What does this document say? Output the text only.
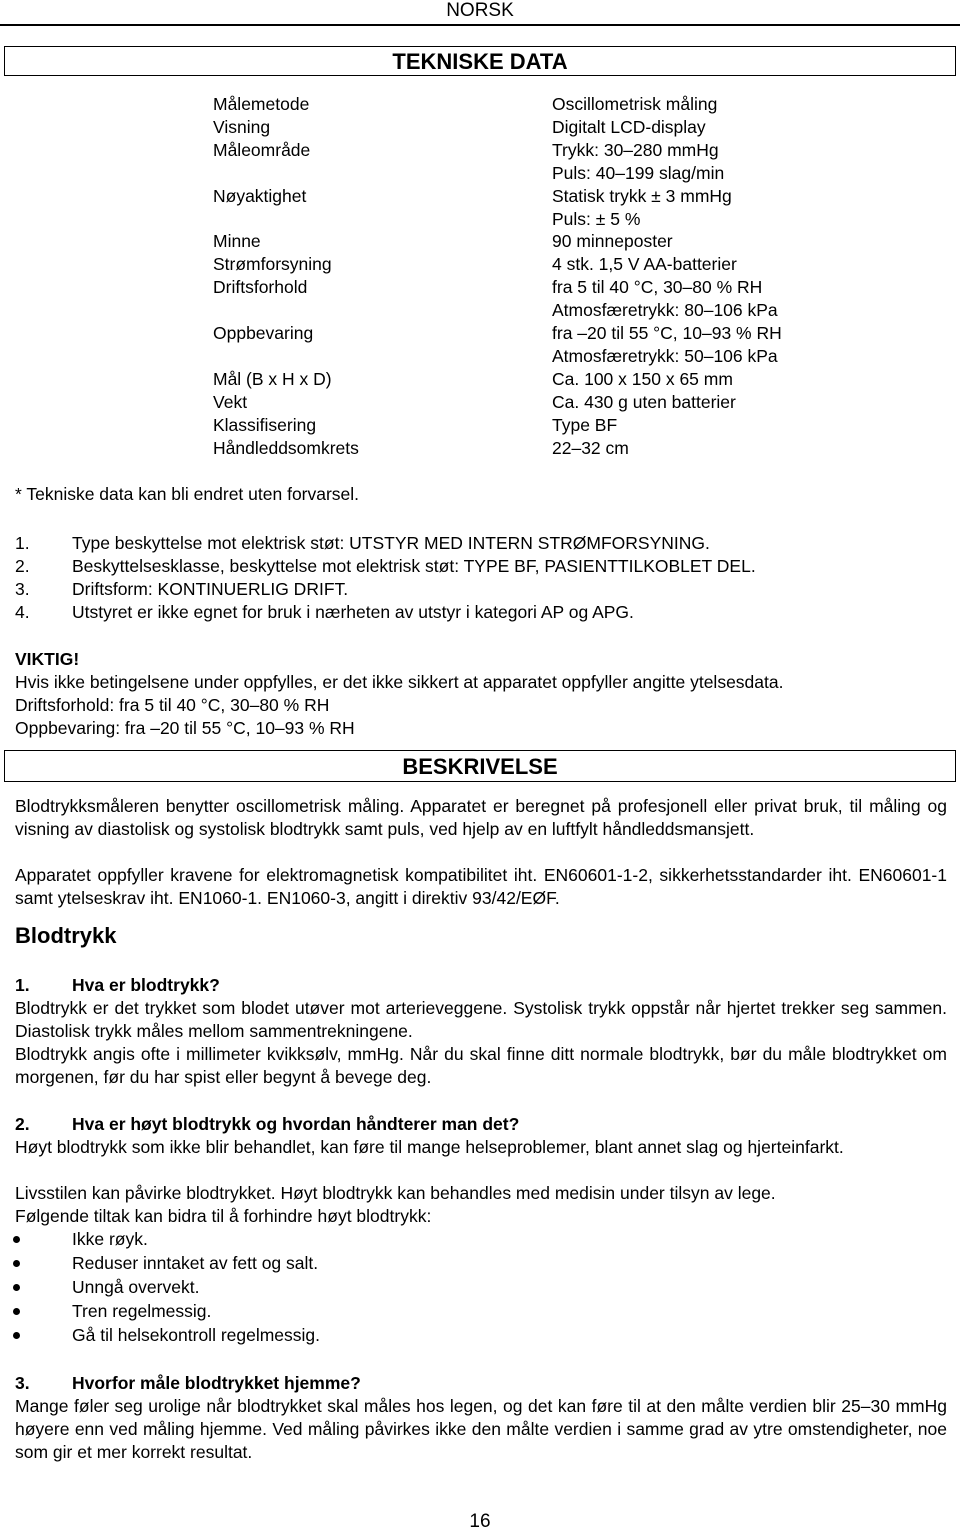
NORSK
TEKNISKE DATA
Målemetode
Visning
Måleområde
Nøyaktighet
Minne
Strømforsyning
Driftsforhold
Oppbevaring
Mål (B x H x D)
Vekt
Klassifisering
Håndleddsomkrets
Oscillometrisk måling
Digitalt LCD-display
Trykk: 30–280 mmHg
Puls: 40–199 slag/min
Statisk trykk ± 3 mmHg
Puls: ± 5 %
90 minneposter
4 stk. 1,5 V AA-batterier
fra 5 til 40 °C, 30–80 % RH
Atmosfæretrykk: 80–106 kPa
fra –20 til 55 °C, 10–93 % RH
Atmosfæretrykk: 50–106 kPa
Ca. 100 x 150 x 65 mm
Ca. 430 g uten batterier
Type BF
22–32 cm
* Tekniske data kan bli endret uten forvarsel.
1. Type beskyttelse mot elektrisk støt: UTSTYR MED INTERN STRØMFORSYNING.
2. Beskyttelsesklasse, beskyttelse mot elektrisk støt: TYPE BF, PASIENTTILKOBLET DEL.
3. Driftsform: KONTINUERLIG DRIFT.
4. Utstyret er ikke egnet for bruk i nærheten av utstyr i kategori AP og APG.
VIKTIG!
Hvis ikke betingelsene under oppfylles, er det ikke sikkert at apparatet oppfyller angitte ytelsesdata.
Driftsforhold: fra 5 til 40 °C, 30–80 % RH
Oppbevaring: fra –20 til 55 °C, 10–93 % RH
BESKRIVELSE
Blodtrykksmåleren benytter oscillometrisk måling. Apparatet er beregnet på profesjonell eller privat bruk, til måling og visning av diastolisk og systolisk blodtrykk samt puls, ved hjelp av en luftfylt håndleddsmansjett.
Apparatet oppfyller kravene for elektromagnetisk kompatibilitet iht. EN60601-1-2, sikkerhetsstandarder iht. EN60601-1 samt ytelseskrav iht. EN1060-1. EN1060-3, angitt i direktiv 93/42/EØF.
Blodtrykk
1. Hva er blodtrykk?
Blodtrykk er det trykket som blodet utøver mot arterieveggene. Systolisk trykk oppstår når hjertet trekker seg sammen. Diastolisk trykk måles mellom sammentrekningene.
Blodtrykk angis ofte i millimeter kvikksølv, mmHg. Når du skal finne ditt normale blodtrykk, bør du måle blodtrykket om morgenen, før du har spist eller begynt å bevege deg.
2. Hva er høyt blodtrykk og hvordan håndterer man det?
Høyt blodtrykk som ikke blir behandlet, kan føre til mange helseproblemer, blant annet slag og hjerteinfarkt.
Livsstilen kan påvirke blodtrykket. Høyt blodtrykk kan behandles med medisin under tilsyn av lege.
Følgende tiltak kan bidra til å forhindre høyt blodtrykk:
Ikke røyk.
Reduser inntaket av fett og salt.
Unngå overvekt.
Tren regelmessig.
Gå til helsekontroll regelmessig.
3. Hvorfor måle blodtrykket hjemme?
Mange føler seg urolige når blodtrykket skal måles hos legen, og det kan føre til at den målte verdien blir 25–30 mmHg høyere enn ved måling hjemme. Ved måling påvirkes ikke den målte verdien i samme grad av ytre omstendigheter, noe som gir et mer korrekt resultat.
16
